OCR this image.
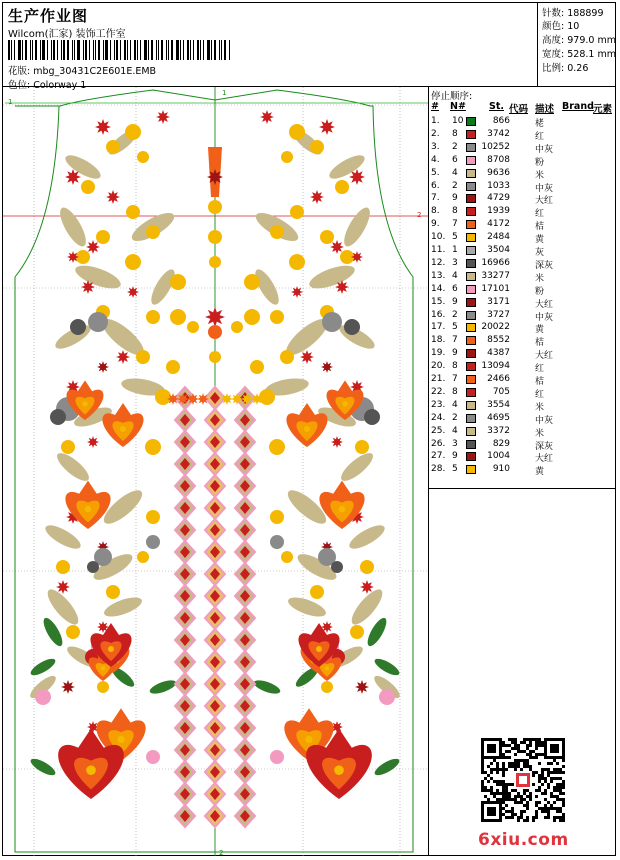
生产作业图
Wilcom(汇家) 装饰工作室
花版: mbg_30431C2E601E.EMB
针数: 188899
颜色: 10
高度: 979.0 mm
宽度: 528.1 mm
比例: 0.26
停止顺序:
# N# St. 代码 描述 Brand 元素
1. 10	866	栳
2. 8	3742	红
3. 2	10252	中灰
4. 6	8708	粉
5. 4	9636	米
6. 2	1033	中灰
7. 9	4729	大红
8. 8	1939	红
9. 7	4172	桔
10. 5	2484	黄
11. 1	3504	灰
12. 3	16966	深灰
13. 4	33277	米
14. 6	17101	粉
15. 9	3171	大红
16. 2	3727	中灰
17. 5	20022	黄
18. 7	8552	桔
19. 9	4387	大红
20. 8	13094	红
21. 7	2466	桔
22. 8	705	红
23. 4	3554	米
24. 2	4695	中灰
25. 4	3372	米
26. 3	829	深灰
27. 9	1004	大红
28. 5	910	黄
1
1
2
2
6xiu.com
